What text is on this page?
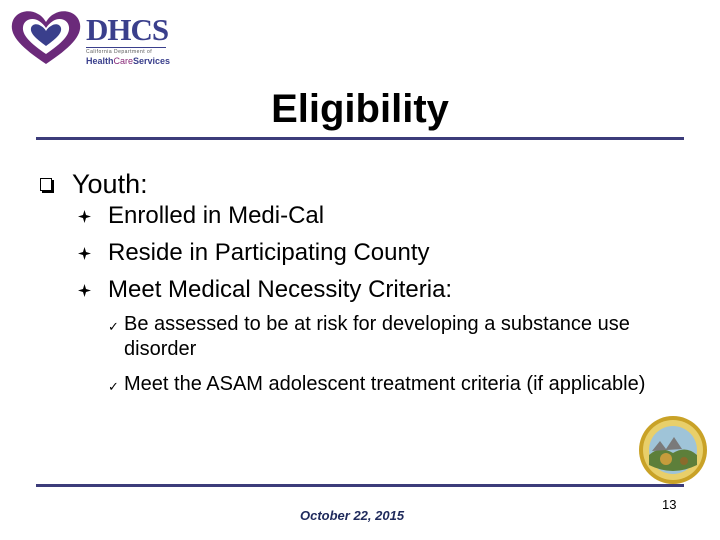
DHCS
California Department of
HealthCareServices
Eligibility
Youth:
Enrolled in Medi-Cal
Reside in Participating County
Meet Medical Necessity Criteria:
✓ Be assessed to be at risk for developing a substance use disorder
✓ Meet the ASAM adolescent treatment criteria (if applicable)
October 22, 2015
13
